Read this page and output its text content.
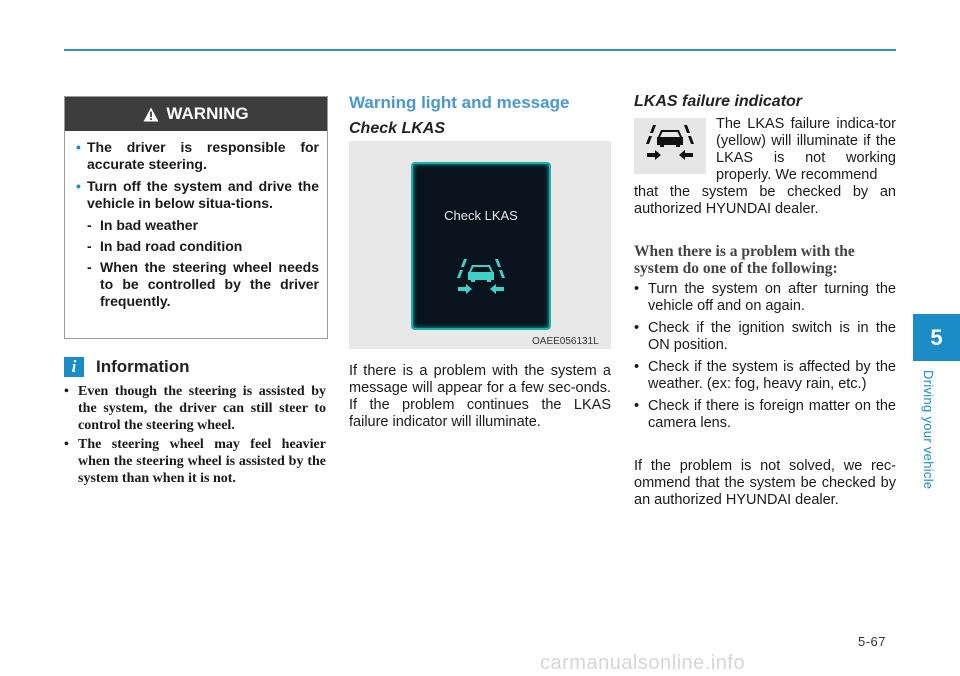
WARNING
• The driver is responsible for accurate steering.
• Turn off the system and drive the vehicle in below situa-tions.
- In bad weather
- In bad road condition
- When the steering wheel needs to be controlled by the driver frequently.
i	Information
• Even though the steering is assisted by the system, the driver can still steer to control the steering wheel.
• The steering wheel may feel heavier when the steering wheel is assisted by the system than when it is not.
Warning light and message
Check LKAS
Check LKAS
OAEE056131L
If there is a problem with the system a message will appear for a few sec-onds. If the problem continues the LKAS failure indicator will illuminate.
LKAS failure indicator
The LKAS failure indica-tor (yellow) will illuminate if the LKAS is not working properly. We recommend
that the system be checked by an authorized HYUNDAI dealer.
When there is a problem with the system do one of the following:
• Turn the system on after turning the vehicle off and on again.
• Check if the ignition switch is in the ON position.
• Check if the system is affected by the weather. (ex: fog, heavy rain, etc.)
• Check if there is foreign matter on the camera lens.
If the problem is not solved, we rec-ommend that the system be checked by an authorized HYUNDAI dealer.
5
Driving your vehicle
5-67
carmanualsonline.info
